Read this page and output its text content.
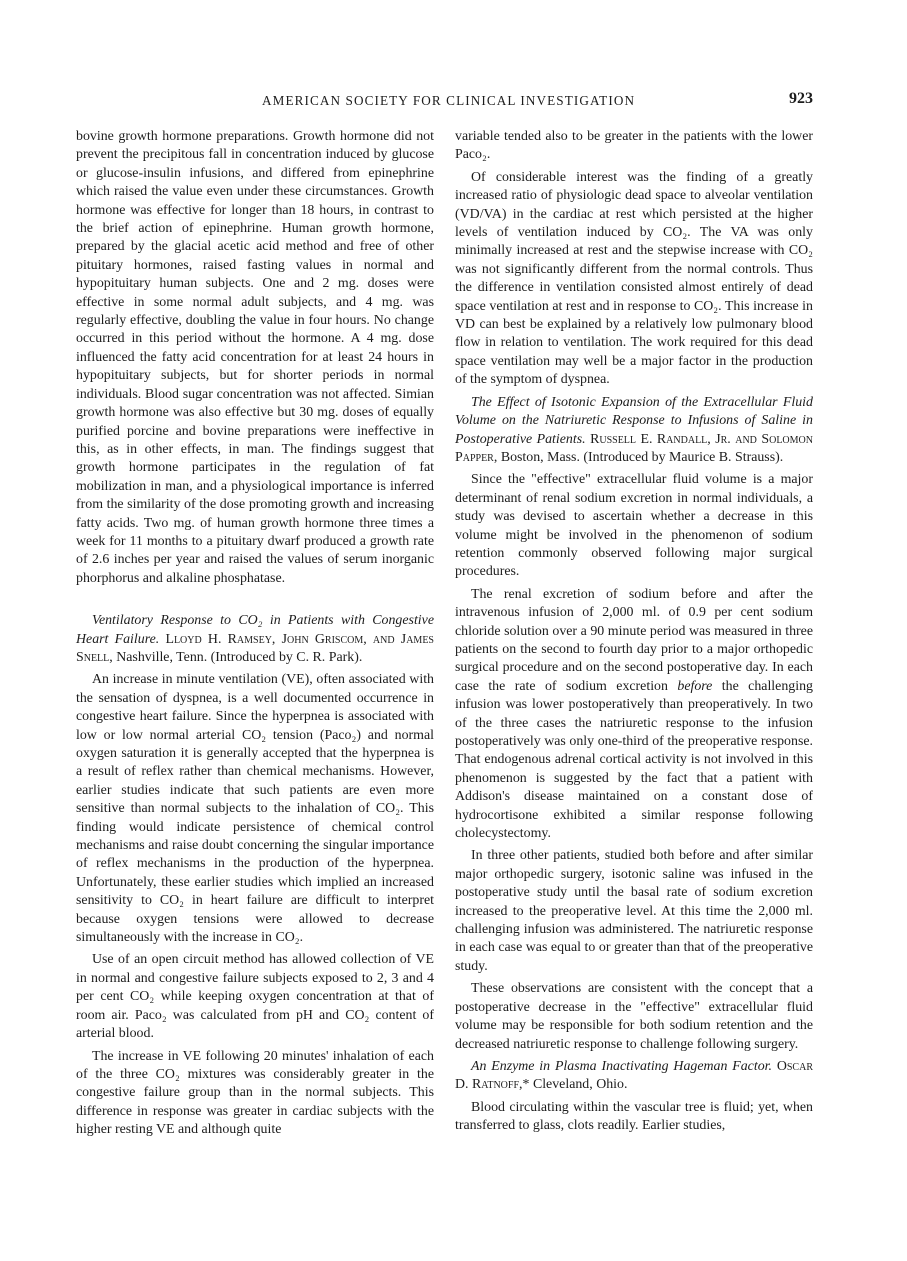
AMERICAN SOCIETY FOR CLINICAL INVESTIGATION	923

bovine growth hormone preparations. Growth hormone did not prevent the precipitous fall in concentration induced by glucose or glucose-insulin infusions, and differed from epinephrine which raised the value even under these circumstances. Growth hormone was effective for longer than 18 hours, in contrast to the brief action of epinephrine. Human growth hormone, prepared by the glacial acetic acid method and free of other pituitary hormones, raised fasting values in normal and hypopituitary human subjects. One and 2 mg. doses were effective in some normal adult subjects, and 4 mg. was regularly effective, doubling the value in four hours. No change occurred in this period without the hormone. A 4 mg. dose influenced the fatty acid concentration for at least 24 hours in hypopituitary subjects, but for shorter periods in normal individuals. Blood sugar concentration was not affected. Simian growth hormone was also effective but 30 mg. doses of equally purified porcine and bovine preparations were ineffective in this, as in other effects, in man. The findings suggest that growth hormone participates in the regulation of fat mobilization in man, and a physiological importance is inferred from the similarity of the dose promoting growth and increasing fatty acids. Two mg. of human growth hormone three times a week for 11 months to a pituitary dwarf produced a growth rate of 2.6 inches per year and raised the values of serum inorganic phorphorus and alkaline phosphatase.

Ventilatory Response to CO₂ in Patients with Congestive Heart Failure. Lloyd H. Ramsey, John Griscom, and James Snell, Nashville, Tenn. (Introduced by C. R. Park).

An increase in minute ventilation (VE), often associated with the sensation of dyspnea, is a well documented occurrence in congestive heart failure. Since the hyperpnea is associated with low or low normal arterial CO₂ tension (Paco₂) and normal oxygen saturation it is generally accepted that the hyperpnea is a result of reflex rather than chemical mechanisms. However, earlier studies indicate that such patients are even more sensitive than normal subjects to the inhalation of CO₂. This finding would indicate persistence of chemical control mechanisms and raise doubt concerning the singular importance of reflex mechanisms in the production of the hyperpnea. Unfortunately, these earlier studies which implied an increased sensitivity to CO₂ in heart failure are difficult to interpret because oxygen tensions were allowed to decrease simultaneously with the increase in CO₂.

Use of an open circuit method has allowed collection of VE in normal and congestive failure subjects exposed to 2, 3 and 4 per cent CO₂ while keeping oxygen concentration at that of room air. Paco₂ was calculated from pH and CO₂ content of arterial blood.

The increase in VE following 20 minutes' inhalation of each of the three CO₂ mixtures was considerably greater in the congestive failure group than in the normal subjects. This difference in response was greater in cardiac subjects with the higher resting VE and although quite

variable tended also to be greater in the patients with the lower Paco₂.

Of considerable interest was the finding of a greatly increased ratio of physiologic dead space to alveolar ventilation (VD/VA) in the cardiac at rest which persisted at the higher levels of ventilation induced by CO₂. The VA was only minimally increased at rest and the stepwise increase with CO₂ was not significantly different from the normal controls. Thus the difference in ventilation consisted almost entirely of dead space ventilation at rest and in response to CO₂. This increase in VD can best be explained by a relatively low pulmonary blood flow in relation to ventilation. The work required for this dead space ventilation may well be a major factor in the production of the symptom of dyspnea.

The Effect of Isotonic Expansion of the Extracellular Fluid Volume on the Natriuretic Response to Infusions of Saline in Postoperative Patients. Russell E. Randall, Jr. and Solomon Papper, Boston, Mass. (Introduced by Maurice B. Strauss).

Since the "effective" extracellular fluid volume is a major determinant of renal sodium excretion in normal individuals, a study was devised to ascertain whether a decrease in this volume might be involved in the phenomenon of sodium retention commonly observed following major surgical procedures.

The renal excretion of sodium before and after the intravenous infusion of 2,000 ml. of 0.9 per cent sodium chloride solution over a 90 minute period was measured in three patients on the second to fourth day prior to a major orthopedic surgical procedure and on the second postoperative day. In each case the rate of sodium excretion before the challenging infusion was lower postoperatively than preoperatively. In two of the three cases the natriuretic response to the infusion postoperatively was only one-third of the preoperative response. That endogenous adrenal cortical activity is not involved in this phenomenon is suggested by the fact that a patient with Addison's disease maintained on a constant dose of hydrocortisone exhibited a similar response following cholecystectomy.

In three other patients, studied both before and after similar major orthopedic surgery, isotonic saline was infused in the postoperative study until the basal rate of sodium excretion increased to the preoperative level. At this time the 2,000 ml. challenging infusion was administered. The natriuretic response in each case was equal to or greater than that of the preoperative study.

These observations are consistent with the concept that a postoperative decrease in the "effective" extracellular fluid volume may be responsible for both sodium retention and the decreased natriuretic response to challenge following surgery.

An Enzyme in Plasma Inactivating Hageman Factor. Oscar D. Ratnoff,* Cleveland, Ohio.

Blood circulating within the vascular tree is fluid; yet, when transferred to glass, clots readily. Earlier studies,
